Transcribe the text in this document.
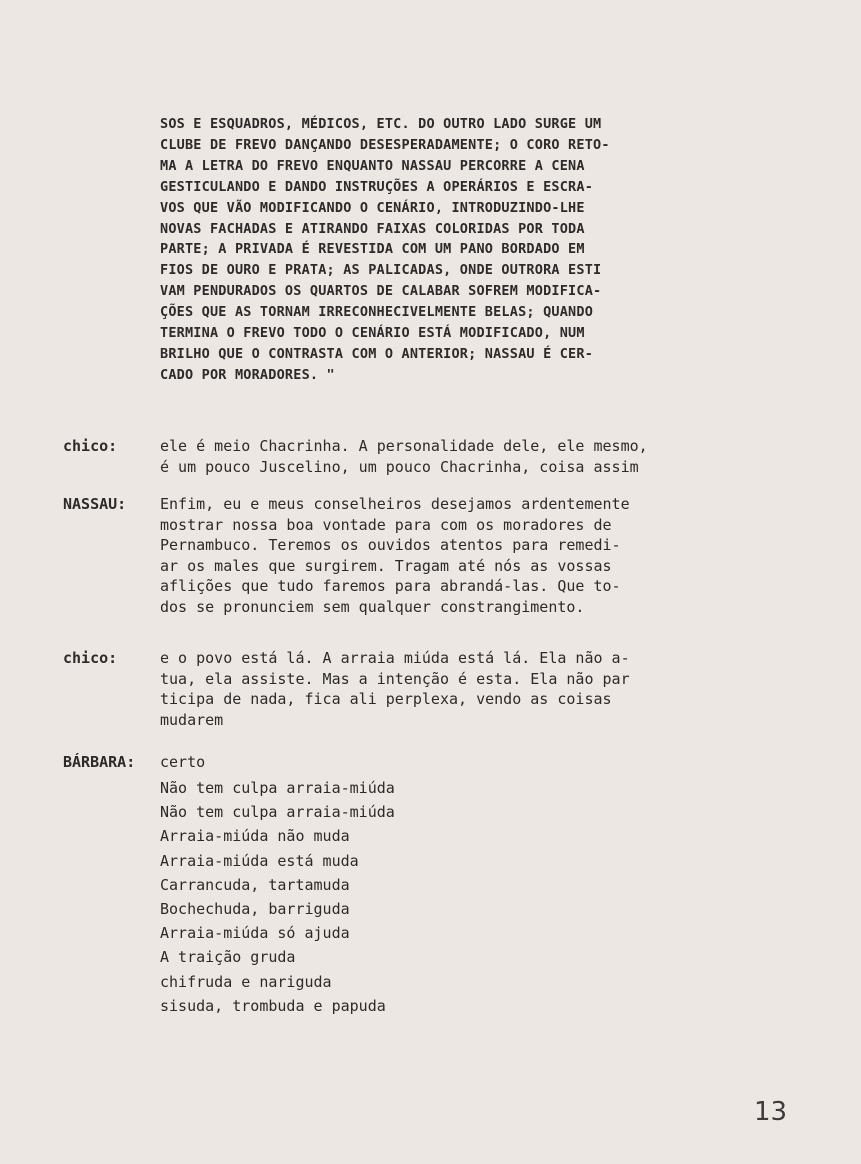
SOS E ESQUADROS, MÉDICOS, ETC. DO OUTRO LADO SURGE UM
CLUBE DE FREVO DANÇANDO DESESPERADAMENTE; O CORO RETO-
MA A LETRA DO FREVO ENQUANTO NASSAU PERCORRE A CENA
GESTICULANDO E DANDO INSTRUÇÕES A OPERÁRIOS E ESCRA-
VOS QUE VÃO MODIFICANDO O CENÁRIO, INTRODUZINDO-LHE
NOVAS FACHADAS E ATIRANDO FAIXAS COLORIDAS POR TODA
PARTE; A PRIVADA É REVESTIDA COM UM PANO BORDADO EM
FIOS DE OURO E PRATA; AS PALICADAS, ONDE OUTRORA ESTI
VAM PENDURADOS OS QUARTOS DE CALABAR SOFREM MODIFICA-
ÇÕES QUE AS TORNAM IRRECONHECIVELMENTE BELAS; QUANDO
TERMINA O FREVO TODO O CENÁRIO ESTÁ MODIFICADO, NUM
BRILHO QUE O CONTRASTA COM O ANTERIOR; NASSAU É CER-
CADO POR MORADORES. "
chico:	ele é meio Chacrinha. A personalidade dele, ele mesmo,
é um pouco Juscelino, um pouco Chacrinha, coisa assim
NASSAU:	Enfim, eu e meus conselheiros desejamos ardentemente
mostrar nossa boa vontade para com os moradores de
Pernambuco. Teremos os ouvidos atentos para remedi-
ar os males que surgirem. Tragam até nós as vossas
aflições que tudo faremos para abrandá-las. Que to-
dos se pronunciem sem qualquer constrangimento.
chico:	e o povo está lá. A arraia miúda está lá. Ela não a-
tua, ela assiste. Mas a intenção é esta. Ela não par
ticipa de nada, fica ali perplexa, vendo as coisas
mudarem
BÁRBARA:	certo
Não tem culpa arraia-miúda
Não tem culpa arraia-miúda
Arraia-miúda não muda
Arraia-miúda está muda
Carrancuda, tartamuda
Bochechuda, barriguda
Arraia-miúda só ajuda
A traição gruda
chifruda e nariguda
sisuda, trombuda e papuda
13
